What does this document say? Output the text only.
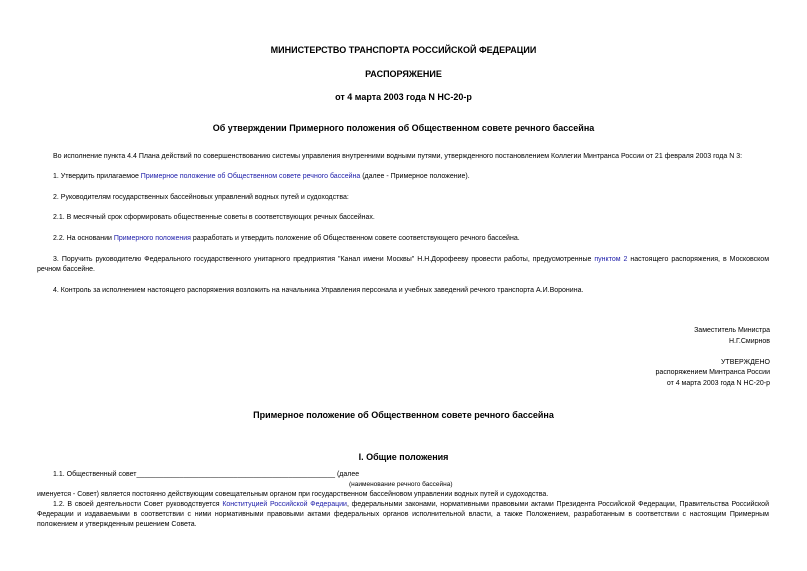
МИНИСТЕРСТВО ТРАНСПОРТА РОССИЙСКОЙ ФЕДЕРАЦИИ
РАСПОРЯЖЕНИЕ
от 4 марта 2003 года N НС-20-р
Об утверждении Примерного положения об Общественном совете речного бассейна
Во исполнение пункта 4.4 Плана действий по совершенствованию системы управления внутренними водными путями, утвержденного постановлением Коллегии Минтранса России от 21 февраля 2003 года N 3:
1. Утвердить прилагаемое Примерное положение об Общественном совете речного бассейна (далее - Примерное положение).
2. Руководителям государственных бассейновых управлений водных путей и судоходства:
2.1. В месячный срок сформировать общественные советы в соответствующих речных бассейнах.
2.2. На основании Примерного положения разработать и утвердить положение об Общественном совете соответствующего речного бассейна.
3. Поручить руководителю Федерального государственного унитарного предприятия "Канал имени Москвы" Н.Н.Дорофееву провести работы, предусмотренные пунктом 2 настоящего распоряжения, в Московском речном бассейне.
4. Контроль за исполнением настоящего распоряжения возложить на начальника Управления персонала и учебных заведений речного транспорта А.И.Воронина.
Заместитель Министра
Н.Г.Смирнов
УТВЕРЖДЕНО
распоряжением Минтранса России
от 4 марта 2003 года N НС-20-р
Примерное положение об Общественном совете речного бассейна
I. Общие положения
1.1. Общественный совет___________________________________________________ (далее
(наименование речного бассейна)
именуется - Совет) является постоянно действующим совещательным органом при государственном бассейновом управлении водных путей и судоходства.
1.2. В своей деятельности Совет руководствуется Конституцией Российской Федерации, федеральными законами, нормативными правовыми актами Президента Российской Федерации, Правительства Российской Федерации и издаваемыми в соответствии с ними нормативными правовыми актами федеральных органов исполнительной власти, а также Положением, разработанным в соответствии с настоящим Примерным положением и утвержденным решением Совета.
